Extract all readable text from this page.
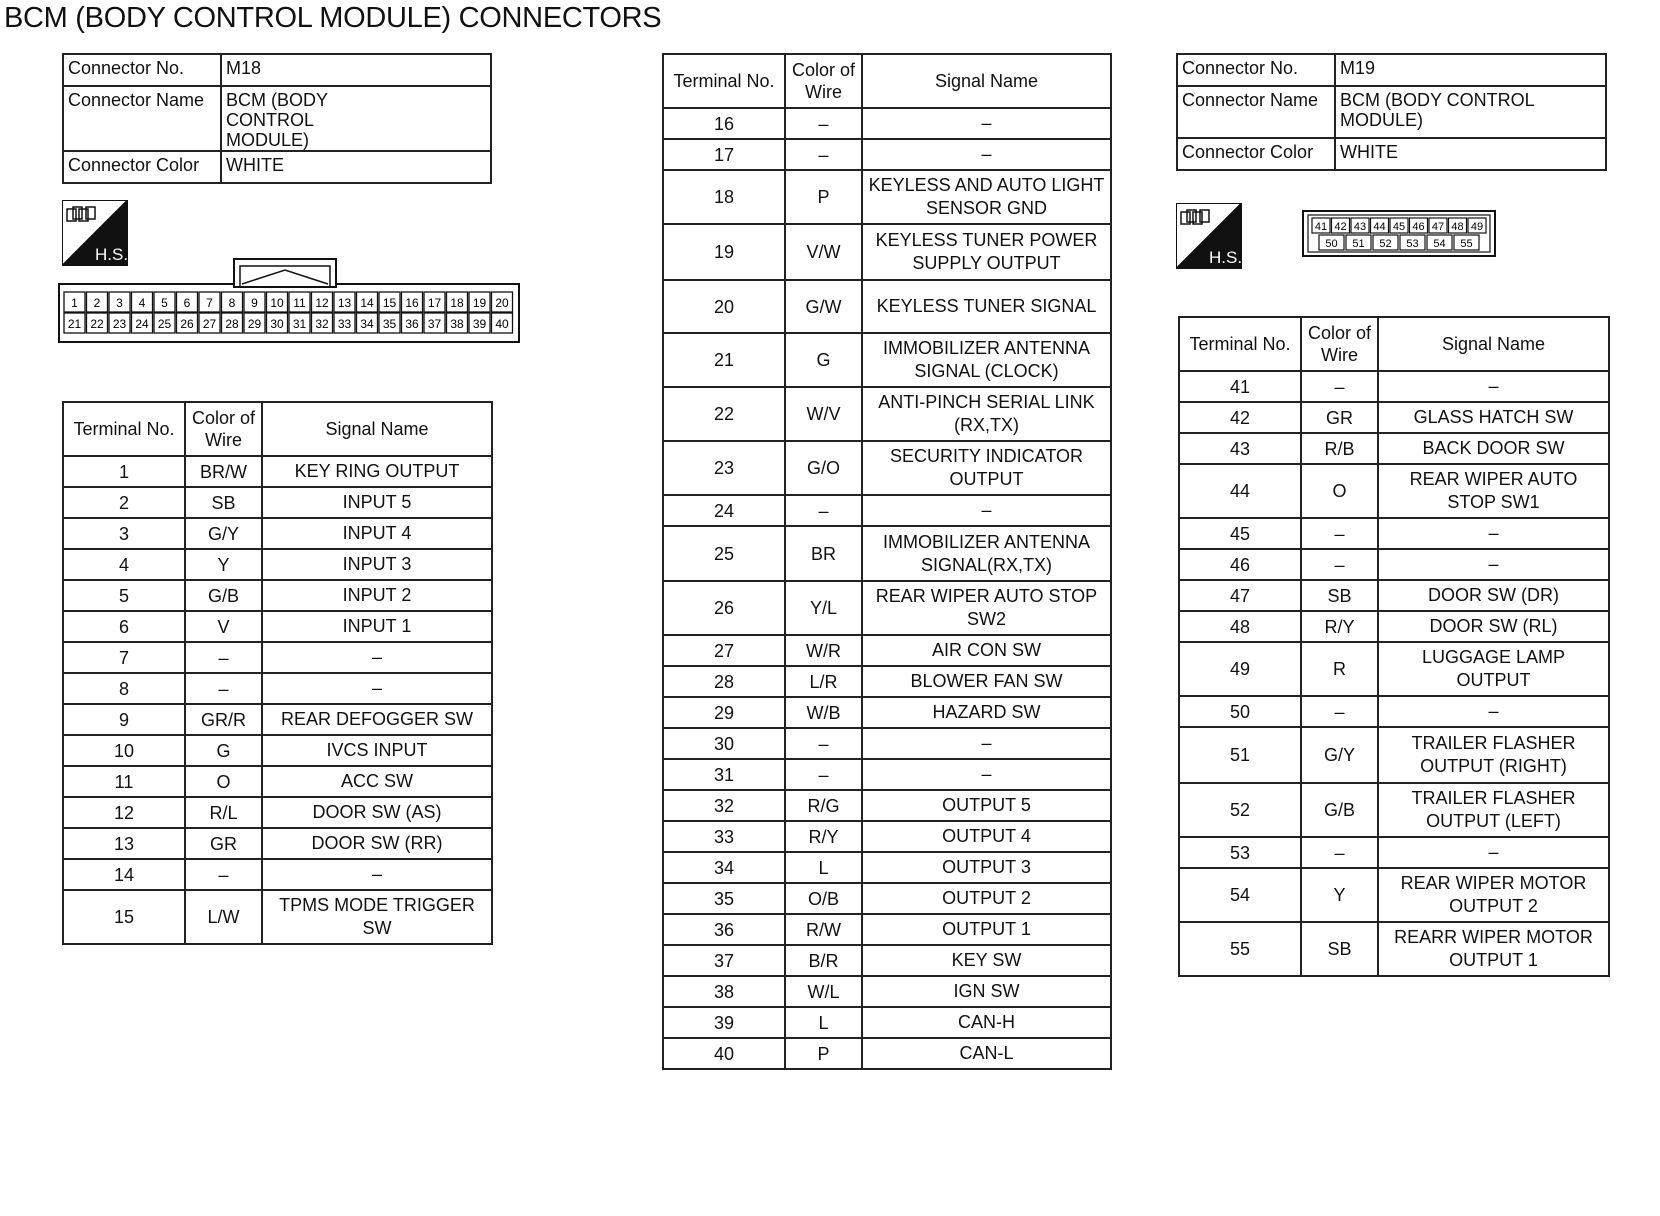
BCM (BODY CONTROL MODULE) CONNECTORS
Connector No.	M18
Connector Name	BCM (BODY CONTROL MODULE)
Connector Color	WHITE
H.S.
1 2 3 4 5 6 7 8 9 10 11 12 13 14 15 16 17 18 19 20
21 22 23 24 25 26 27 28 29 30 31 32 33 34 35 36 37 38 39 40
Terminal No.	Color of Wire	Signal Name
1	BR/W	KEY RING OUTPUT
2	SB	INPUT 5
3	G/Y	INPUT 4
4	Y	INPUT 3
5	G/B	INPUT 2
6	V	INPUT 1
7	–	–
8	–	–
9	GR/R	REAR DEFOGGER SW
10	G	IVCS INPUT
11	O	ACC SW
12	R/L	DOOR SW (AS)
13	GR	DOOR SW (RR)
14	–	–
15	L/W	TPMS MODE TRIGGER SW
Terminal No.	Color of Wire	Signal Name
16	–	–
17	–	–
18	P	KEYLESS AND AUTO LIGHT SENSOR GND
19	V/W	KEYLESS TUNER POWER SUPPLY OUTPUT
20	G/W	KEYLESS TUNER SIGNAL
21	G	IMMOBILIZER ANTENNA SIGNAL (CLOCK)
22	W/V	ANTI-PINCH SERIAL LINK (RX,TX)
23	G/O	SECURITY INDICATOR OUTPUT
24	–	–
25	BR	IMMOBILIZER ANTENNA SIGNAL(RX,TX)
26	Y/L	REAR WIPER AUTO STOP SW2
27	W/R	AIR CON SW
28	L/R	BLOWER FAN SW
29	W/B	HAZARD SW
30	–	–
31	–	–
32	R/G	OUTPUT 5
33	R/Y	OUTPUT 4
34	L	OUTPUT 3
35	O/B	OUTPUT 2
36	R/W	OUTPUT 1
37	B/R	KEY SW
38	W/L	IGN SW
39	L	CAN-H
40	P	CAN-L
Connector No.	M19
Connector Name	BCM (BODY CONTROL MODULE)
Connector Color	WHITE
H.S.
41 42 43 44 45 46 47 48 49
50 51 52 53 54 55
Terminal No.	Color of Wire	Signal Name
41	–	–
42	GR	GLASS HATCH SW
43	R/B	BACK DOOR SW
44	O	REAR WIPER AUTO STOP SW1
45	–	–
46	–	–
47	SB	DOOR SW (DR)
48	R/Y	DOOR SW (RL)
49	R	LUGGAGE LAMP OUTPUT
50	–	–
51	G/Y	TRAILER FLASHER OUTPUT (RIGHT)
52	G/B	TRAILER FLASHER OUTPUT (LEFT)
53	–	–
54	Y	REAR WIPER MOTOR OUTPUT 2
55	SB	REARR WIPER MOTOR OUTPUT 1
